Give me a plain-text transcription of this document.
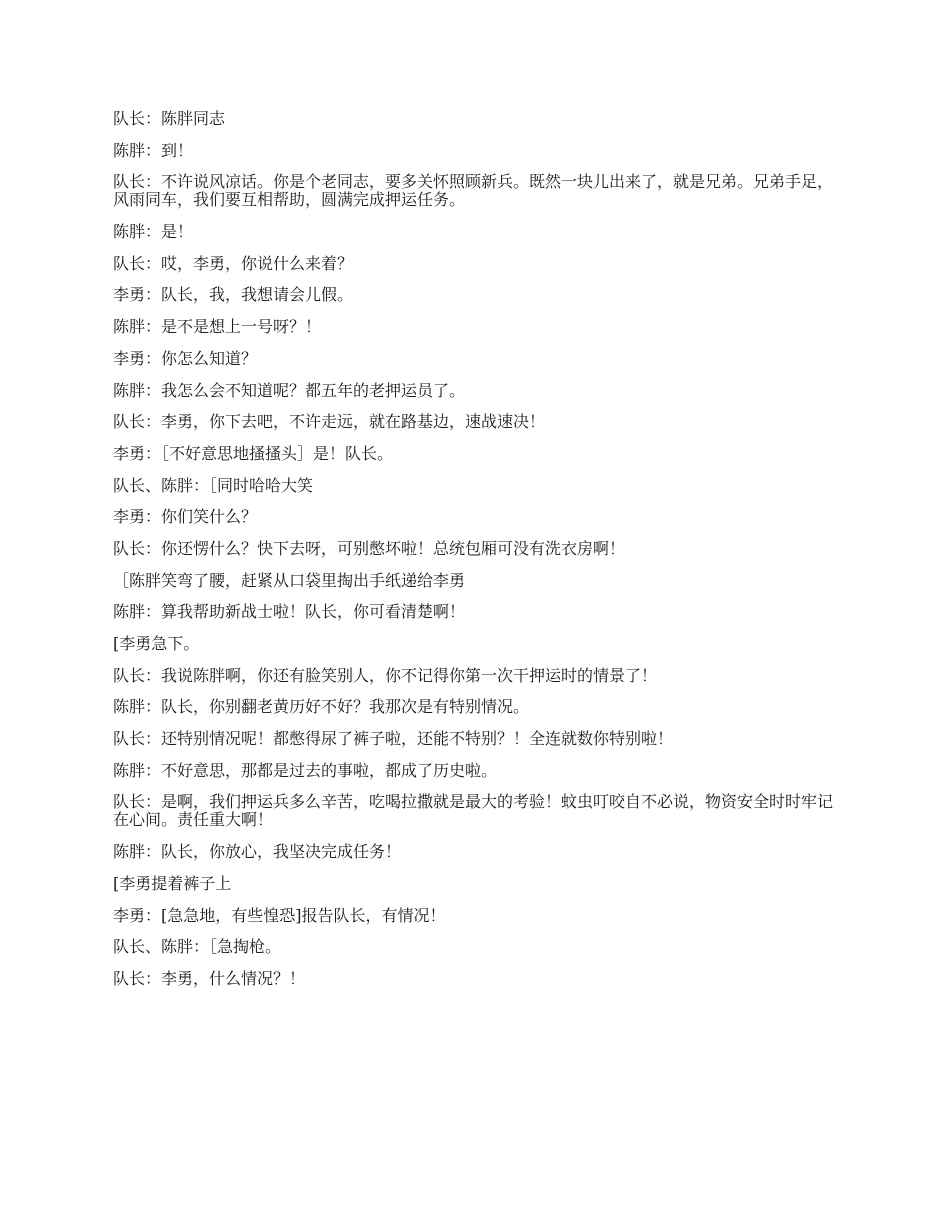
队长：陈胖同志

陈胖：到！

队长：不许说风凉话。你是个老同志，要多关怀照顾新兵。既然一块儿出来了，就是兄弟。兄弟手足，风雨同车，我们要互相帮助，圆满完成押运任务。

陈胖：是！

队长：哎，李勇，你说什么来着？

李勇：队长，我，我想请会儿假。

陈胖：是不是想上一号呀？！

李勇：你怎么知道？

陈胖：我怎么会不知道呢？都五年的老押运员了。

队长：李勇，你下去吧，不许走远，就在路基边，速战速决！

李勇：［不好意思地搔搔头］是！队长。

队长、陈胖：［同时哈哈大笑

李勇：你们笑什么？

队长：你还愣什么？快下去呀，可别憋坏啦！总统包厢可没有洗衣房啊！

［陈胖笑弯了腰，赶紧从口袋里掏出手纸递给李勇

陈胖：算我帮助新战士啦！队长，你可看清楚啊！

[李勇急下。

队长：我说陈胖啊，你还有脸笑别人，你不记得你第一次干押运时的情景了！

陈胖：队长，你别翻老黄历好不好？我那次是有特别情况。

队长：还特别情况呢！都憋得尿了裤子啦，还能不特别？！全连就数你特别啦！

陈胖：不好意思，那都是过去的事啦，都成了历史啦。

队长：是啊，我们押运兵多么辛苦，吃喝拉撒就是最大的考验！蚊虫叮咬自不必说，物资安全时时牢记在心间。责任重大啊！

陈胖：队长，你放心，我坚决完成任务！

[李勇提着裤子上

李勇：[急急地，有些惶恐]报告队长，有情况！

队长、陈胖：［急掏枪。

队长：李勇，什么情况？！
